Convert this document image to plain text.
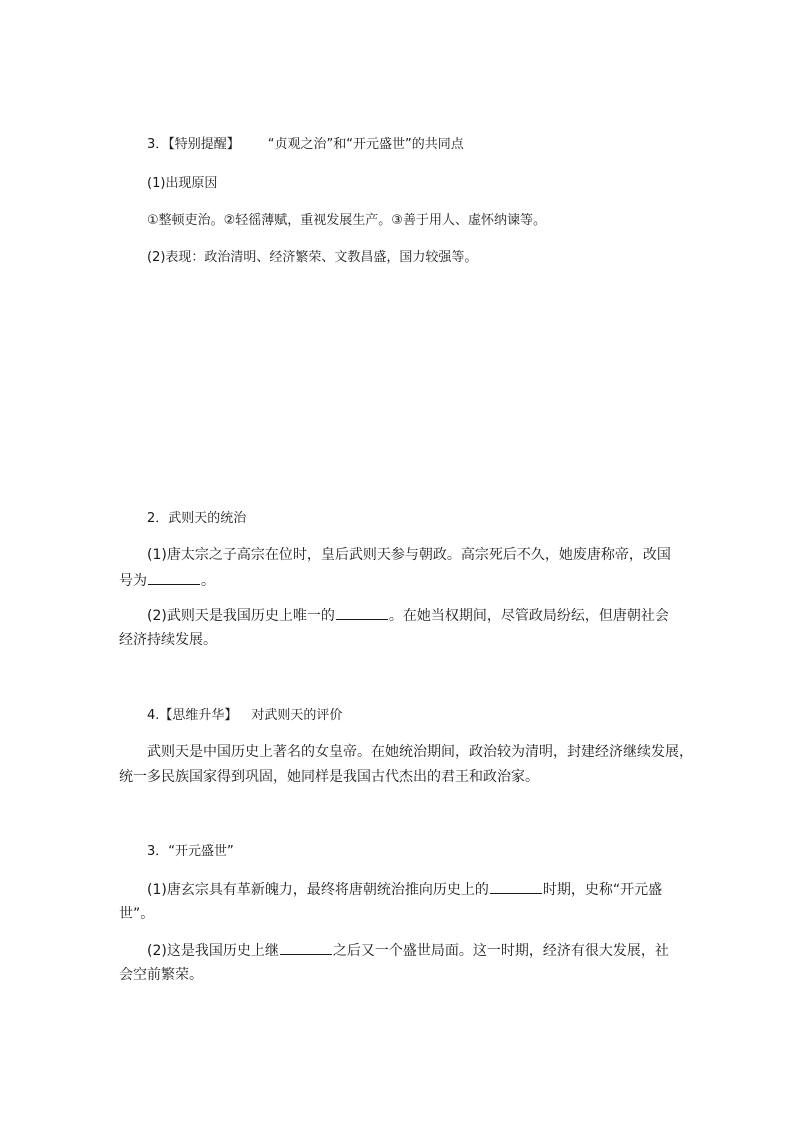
3．【特别提醒】 “贞观之治”和“开元盛世”的共同点
(1)出现原因
①整顿吏治。②轻徭薄赋，重视发展生产。③善于用人、虚怀纳谏等。
(2)表现：政治清明、经济繁荣、文教昌盛，国力较强等。
2．武则天的统治
(1)唐太宗之子高宗在位时，皇后武则天参与朝政。高宗死后不久，她废唐称帝，改国
号为	。
(2)武则天是我国历史上唯一的	。在她当权期间，尽管政局纷纭，但唐朝社会
经济持续发展。
4.【思维升华】 对武则天的评价
武则天是中国历史上著名的女皇帝。在她统治期间，政治较为清明，封建经济继续发展，
统一多民族国家得到巩固，她同样是我国古代杰出的君王和政治家。
3．“开元盛世”
(1)唐玄宗具有革新魄力，最终将唐朝统治推向历史上的	时期，史称“开元盛
世”。
(2)这是我国历史上继	之后又一个盛世局面。这一时期，经济有很大发展，社
会空前繁荣。
